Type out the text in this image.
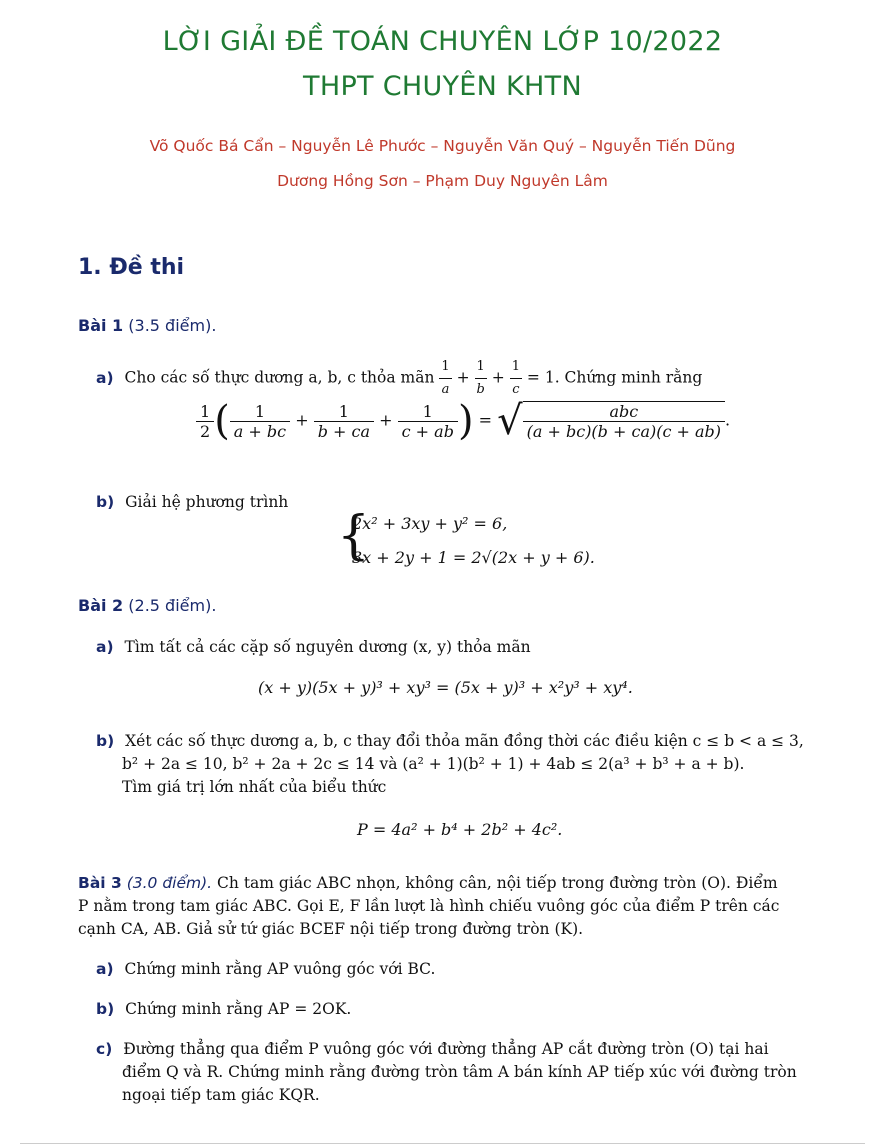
LỜI GIẢI ĐỀ TOÁN CHUYÊN LỚP 10/2022
THPT CHUYÊN KHTN
Võ Quốc Bá Cẩn – Nguyễn Lê Phước – Nguyễn Văn Quý – Nguyễn Tiến Dũng
Dương Hồng Sơn – Phạm Duy Nguyên Lâm
1. Đề thi
Bài 1 (3.5 điểm).
a) Cho các số thực dương a, b, c thỏa mãn $\frac{1}{a} + \frac{1}{b} + \frac{1}{c} = 1$. Chứng minh rằng
$\frac{1}{2}$ ( $\frac{1}{a + bc} + \frac{1}{b + ca} + \frac{1}{c + ab}$ ) = √ $\frac{\text{abc}}{(a + bc)(b + ca)(c + ab)}$ .
b) Giải hệ phương trình
{
2x² + 3xy + y² = 6,
3x + 2y + 1 = 2√(2x + y + 6).
Bài 2 (2.5 điểm).
a) Tìm tất cả các cặp số nguyên dương (x, y) thỏa mãn
(x + y)(5x + y)³ + xy³ = (5x + y)³ + x²y³ + xy⁴.
b) Xét các số thực dương a, b, c thay đổi thỏa mãn đồng thời các điều kiện c ≤ b < a ≤ 3,
b² + 2a ≤ 10, b² + 2a + 2c ≤ 14 và (a² + 1)(b² + 1) + 4ab ≤ 2(a³ + b³ + a + b).
Tìm giá trị lớn nhất của biểu thức
P = 4a² + b⁴ + 2b² + 4c².
Bài 3 (3.0 điểm). Ch tam giác ABC nhọn, không cân, nội tiếp trong đường tròn (O). Điểm
P nằm trong tam giác ABC. Gọi E, F lần lượt là hình chiếu vuông góc của điểm P trên các
cạnh CA, AB. Giả sử tứ giác BCEF nội tiếp trong đường tròn (K).
a) Chứng minh rằng AP vuông góc với BC.
b) Chứng minh rằng AP = 2OK.
c) Đường thẳng qua điểm P vuông góc với đường thẳng AP cắt đường tròn (O) tại hai
điểm Q và R. Chứng minh rằng đường tròn tâm A bán kính AP tiếp xúc với đường tròn
ngoại tiếp tam giác KQR.
